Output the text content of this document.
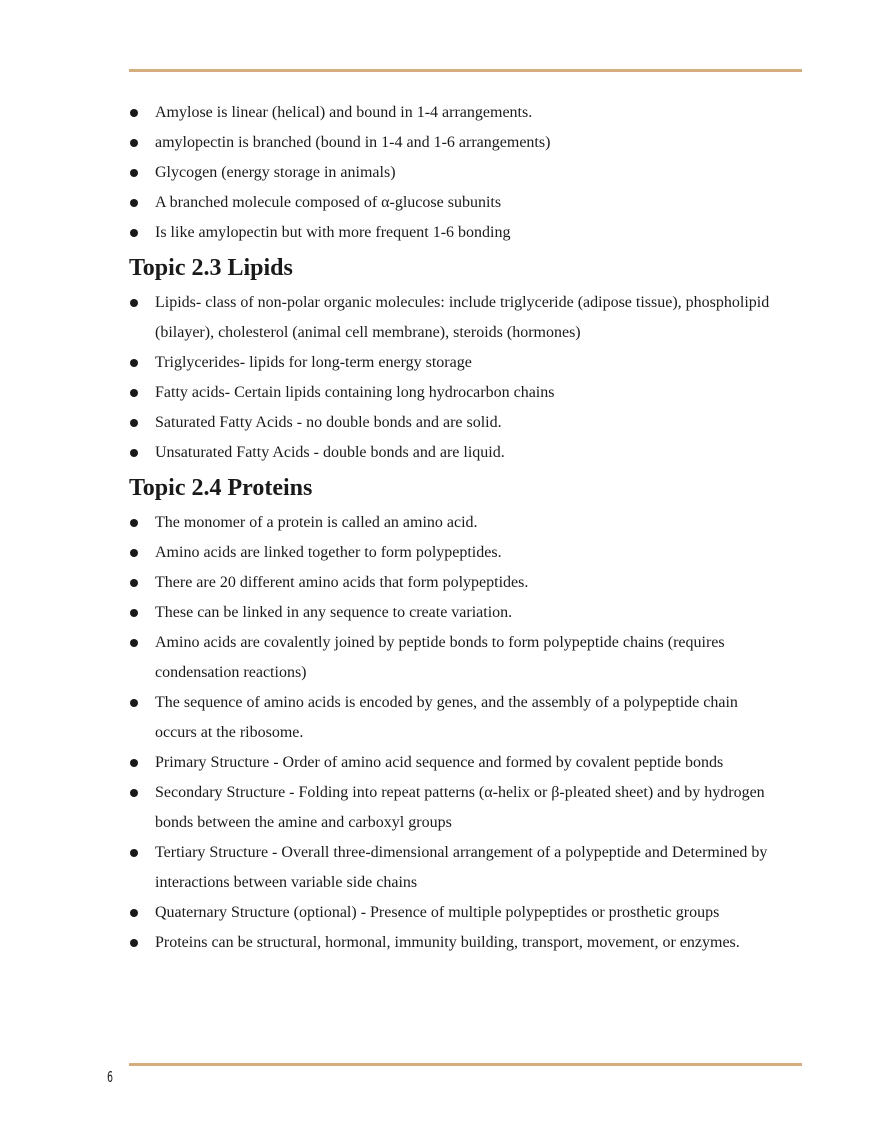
Amylose is linear (helical) and bound in 1-4 arrangements.
amylopectin is branched (bound in 1-4 and 1-6 arrangements)
Glycogen (energy storage in animals)
A branched molecule composed of α-glucose subunits
Is like amylopectin but with more frequent 1-6 bonding
Topic 2.3 Lipids
Lipids- class of non-polar organic molecules: include triglyceride (adipose tissue), phospholipid (bilayer), cholesterol (animal cell membrane), steroids (hormones)
Triglycerides- lipids for long-term energy storage
Fatty acids- Certain lipids containing long hydrocarbon chains
Saturated Fatty Acids - no double bonds and are solid.
Unsaturated Fatty Acids - double bonds and are liquid.
Topic 2.4 Proteins
The monomer of a protein is called an amino acid.
Amino acids are linked together to form polypeptides.
There are 20 different amino acids that form polypeptides.
These can be linked in any sequence to create variation.
Amino acids are covalently joined by peptide bonds to form polypeptide chains (requires condensation reactions)
The sequence of amino acids is encoded by genes, and the assembly of a polypeptide chain occurs at the ribosome.
Primary Structure - Order of amino acid sequence and formed by covalent peptide bonds
Secondary Structure - Folding into repeat patterns (α-helix or β-pleated sheet) and by hydrogen bonds between the amine and carboxyl groups
Tertiary Structure - Overall three-dimensional arrangement of a polypeptide and Determined by interactions between variable side chains
Quaternary Structure (optional) - Presence of multiple polypeptides or prosthetic groups
Proteins can be structural, hormonal, immunity building, transport, movement, or enzymes.
6
